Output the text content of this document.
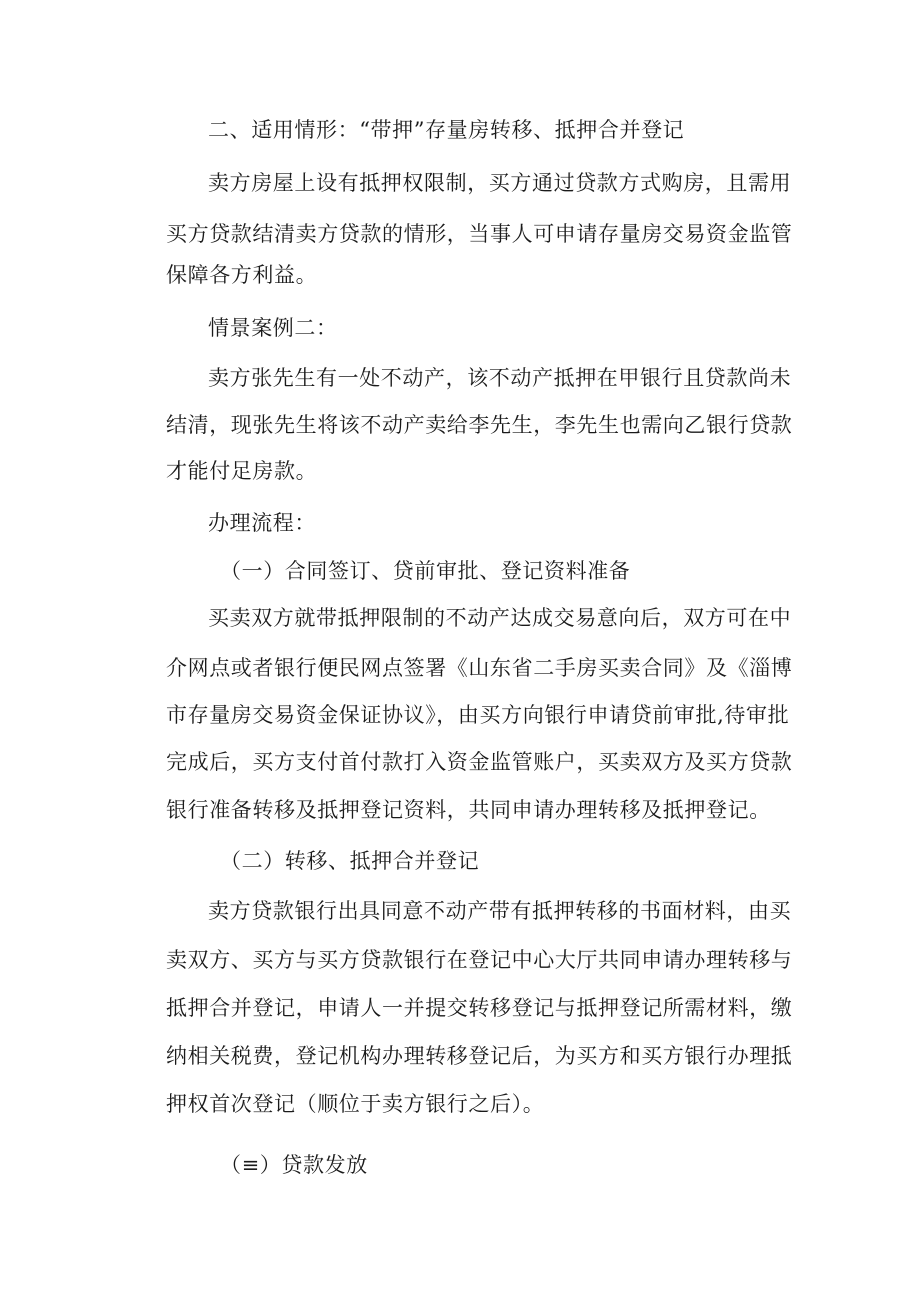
二、适用情形：“带押”存量房转移、抵押合并登记
卖方房屋上设有抵押权限制，买方通过贷款方式购房，且需用
买方贷款结清卖方贷款的情形，当事人可申请存量房交易资金监管
保障各方利益。
情景案例二：
卖方张先生有一处不动产，该不动产抵押在甲银行且贷款尚未
结清，现张先生将该不动产卖给李先生，李先生也需向乙银行贷款
才能付足房款。
办理流程：
（一）合同签订、贷前审批、登记资料准备
买卖双方就带抵押限制的不动产达成交易意向后，双方可在中
介网点或者银行便民网点签署《山东省二手房买卖合同》及《淄博
市存量房交易资金保证协议》，由买方向银行申请贷前审批,待审批
完成后，买方支付首付款打入资金监管账户，买卖双方及买方贷款
银行准备转移及抵押登记资料，共同申请办理转移及抵押登记。
（二）转移、抵押合并登记
卖方贷款银行出具同意不动产带有抵押转移的书面材料，由买
卖双方、买方与买方贷款银行在登记中心大厅共同申请办理转移与
抵押合并登记，申请人一并提交转移登记与抵押登记所需材料，缴
纳相关税费，登记机构办理转移登记后，为买方和买方银行办理抵
押权首次登记（顺位于卖方银行之后）。
（≡）贷款发放
